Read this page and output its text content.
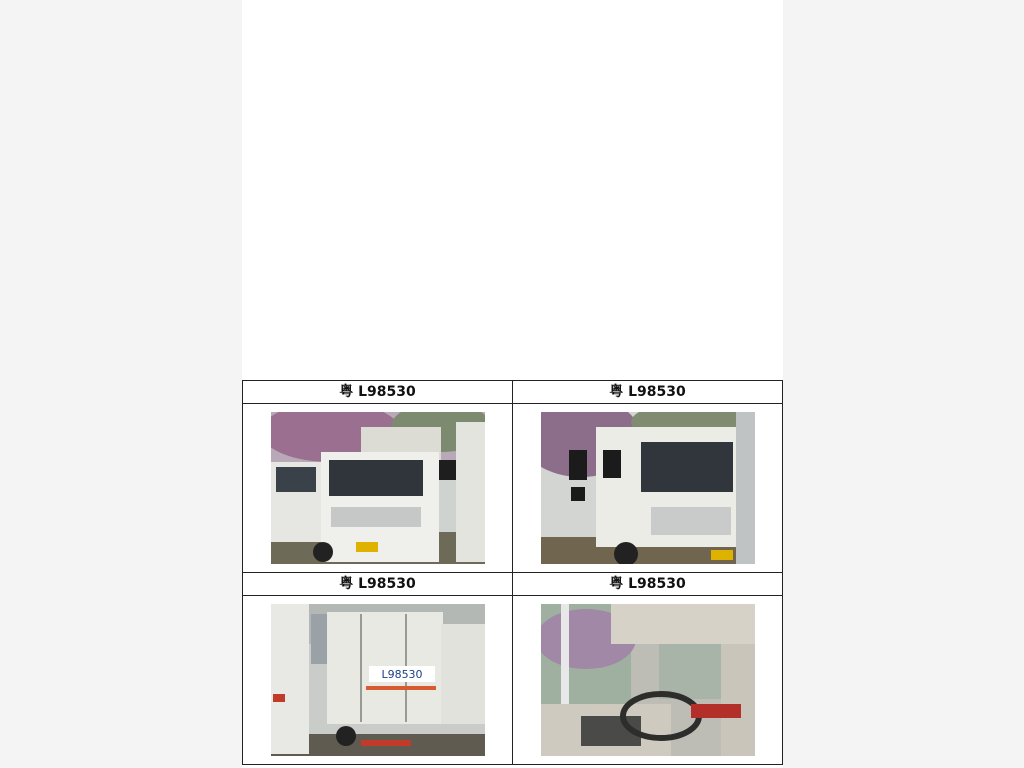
粤 L98530	粤 L98530

粤 L98530	粤 L98530

L98530
